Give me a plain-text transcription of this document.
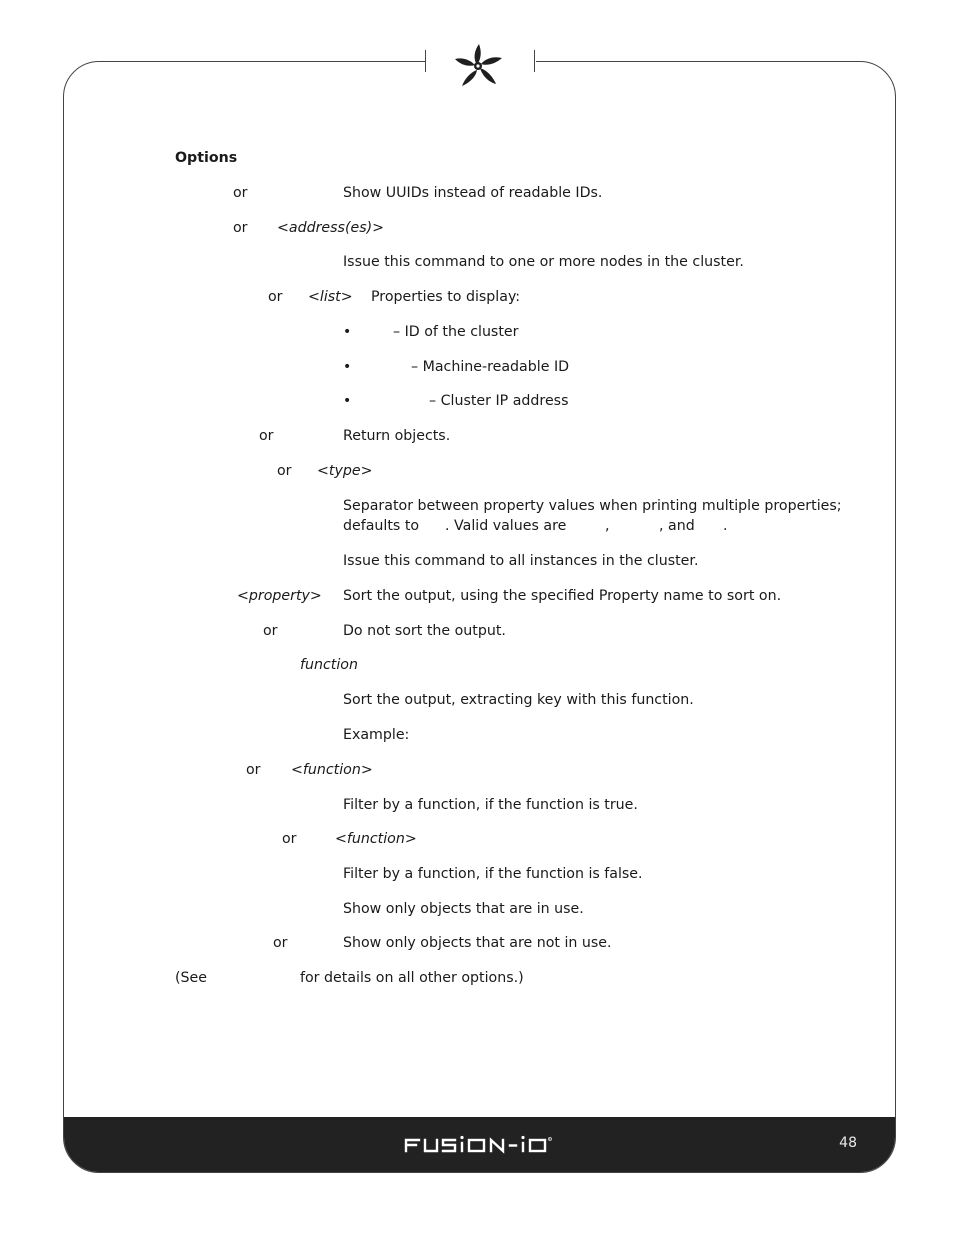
R	48
Options
or	Show UUIDs instead of readable IDs.
or <address(es)>
Issue this command to one or more nodes in the cluster.
or <list> Properties to display:
•	– ID of the cluster
•	– Machine-readable ID
•	– Cluster IP address
or	Return objects.
or <type>
Separator between property values when printing multiple properties;
defaults to . Valid values are	,	, and .
Issue this command to all instances in the cluster.
<property> Sort the output, using the specified Property name to sort on.
or	Do not sort the output.
function
Sort the output, extracting key with this function.
Example:
or <function>
Filter by a function, if the function is true.
or	<function>
Filter by a function, if the function is false.
Show only objects that are in use.
or	Show only objects that are not in use.
(See	for details on all other options.)
